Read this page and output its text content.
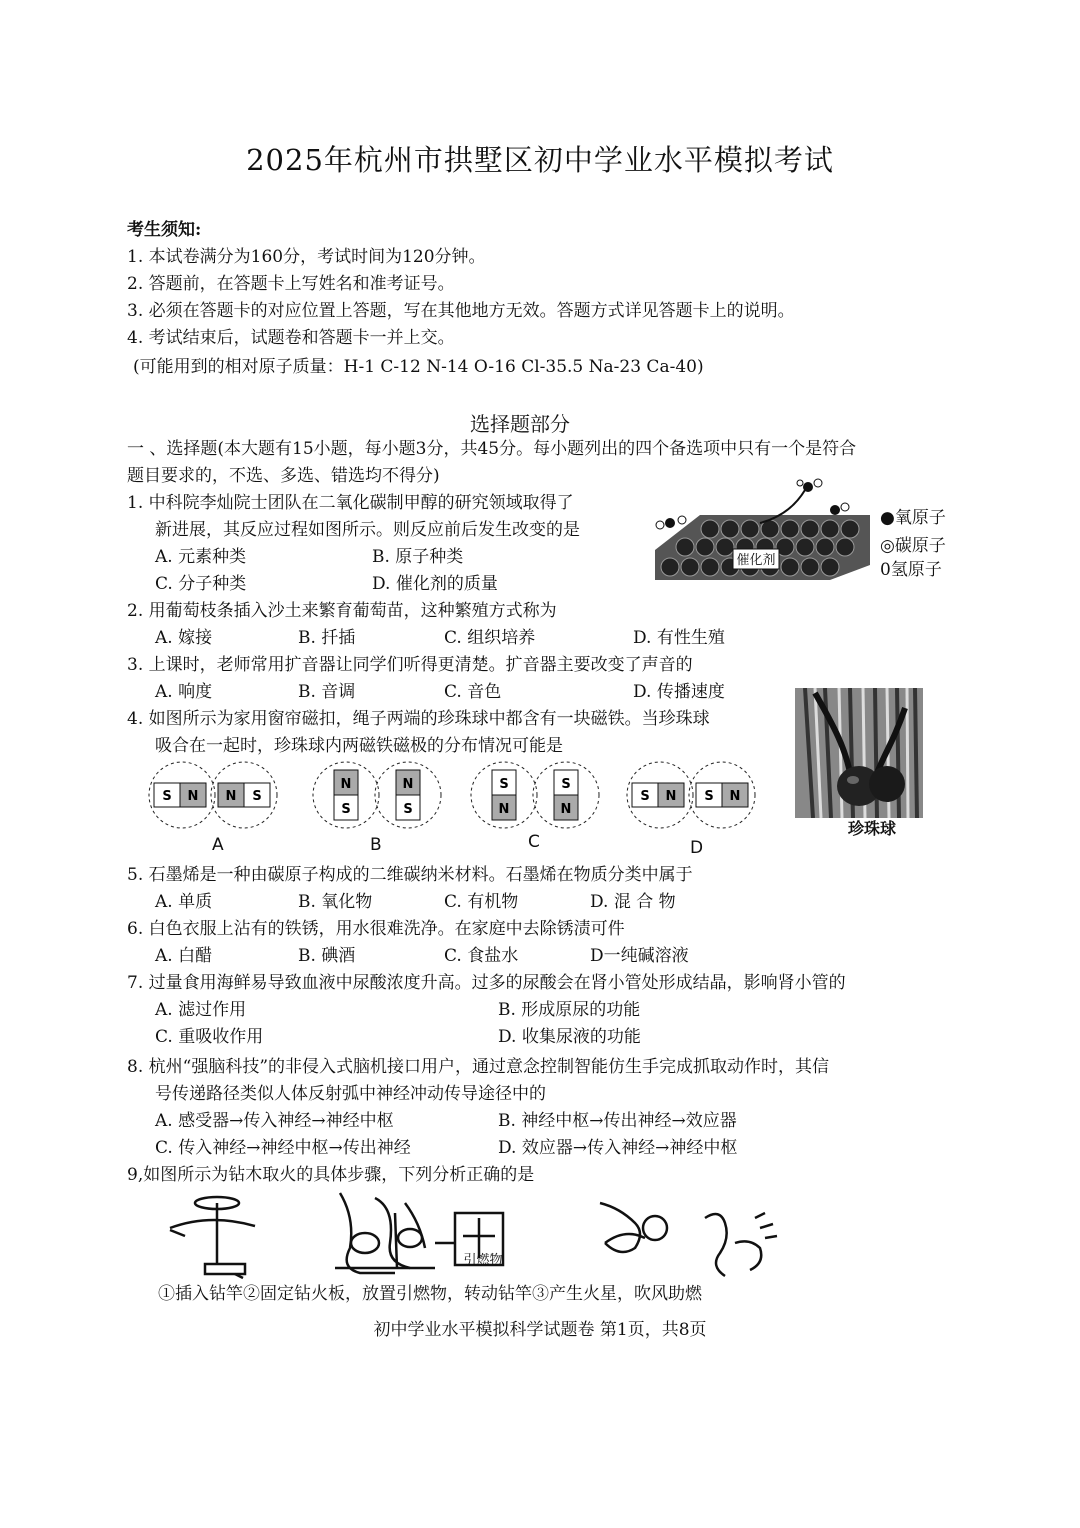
2025年杭州市拱墅区初中学业水平模拟考试
考生须知:
1. 本试卷满分为160分，考试时间为120分钟。
2. 答题前，在答题卡上写姓名和准考证号。
3. 必须在答题卡的对应位置上答题，写在其他地方无效。答题方式详见答题卡上的说明。
4. 考试结束后，试题卷和答题卡一并上交。
(可能用到的相对原子质量：H-1 C-12 N-14 O-16 Cl-35.5 Na-23 Ca-40)
选择题部分
一 、选择题(本大题有15小题，每小题3分，共45分。每小题列出的四个备选项中只有一个是符合
题目要求的，不选、多选、错选均不得分)
1. 中科院李灿院士团队在二氧化碳制甲醇的研究领域取得了
新进展，其反应过程如图所示。则反应前后发生改变的是
A. 元素种类	B. 原子种类
C. 分子种类	D. 催化剂的质量
催化剂
●氧原子
◎碳原子
0氢原子
2. 用葡萄枝条插入沙土来繁育葡萄苗，这种繁殖方式称为
A. 嫁接	B. 扦插	C. 组织培养	D. 有性生殖
3. 上课时，老师常用扩音器让同学们听得更清楚。扩音器主要改变了声音的
A. 响度	B. 音调	C. 音色	D. 传播速度
4. 如图所示为家用窗帘磁扣，绳子两端的珍珠球中都含有一块磁铁。当珍珠球
吸合在一起时，珍珠球内两磁铁磁极的分布情况可能是
S N N S
N
S
N
S
S
N
S
N
S N S N
A	B	C	D
珍珠球
5. 石墨烯是一种由碳原子构成的二维碳纳米材料。石墨烯在物质分类中属于
A. 单质	B. 氧化物	C. 有机物	D. 混 合 物
6. 白色衣服上沾有的铁锈，用水很难洗净。在家庭中去除锈渍可件
A. 白醋	B. 碘酒	C. 食盐水	D一纯碱溶液
7. 过量食用海鲜易导致血液中尿酸浓度升高。过多的尿酸会在肾小管处形成结晶，影响肾小管的
A. 滤过作用	B. 形成原尿的功能
C. 重吸收作用	D. 收集尿液的功能
8. 杭州“强脑科技”的非侵入式脑机接口用户，通过意念控制智能仿生手完成抓取动作时，其信
号传递路径类似人体反射弧中神经冲动传导途径中的
A. 感受器→传入神经→神经中枢	B. 神经中枢→传出神经→效应器
C. 传入神经→神经中枢→传出神经	D. 效应器→传入神经→神经中枢
9,如图所示为钻木取火的具体步骤，下列分析正确的是
引燃物
①插入钻竿②固定钻火板，放置引燃物，转动钻竿③产生火星，吹风助燃
初中学业水平模拟科学试题卷 第1页，共8页
